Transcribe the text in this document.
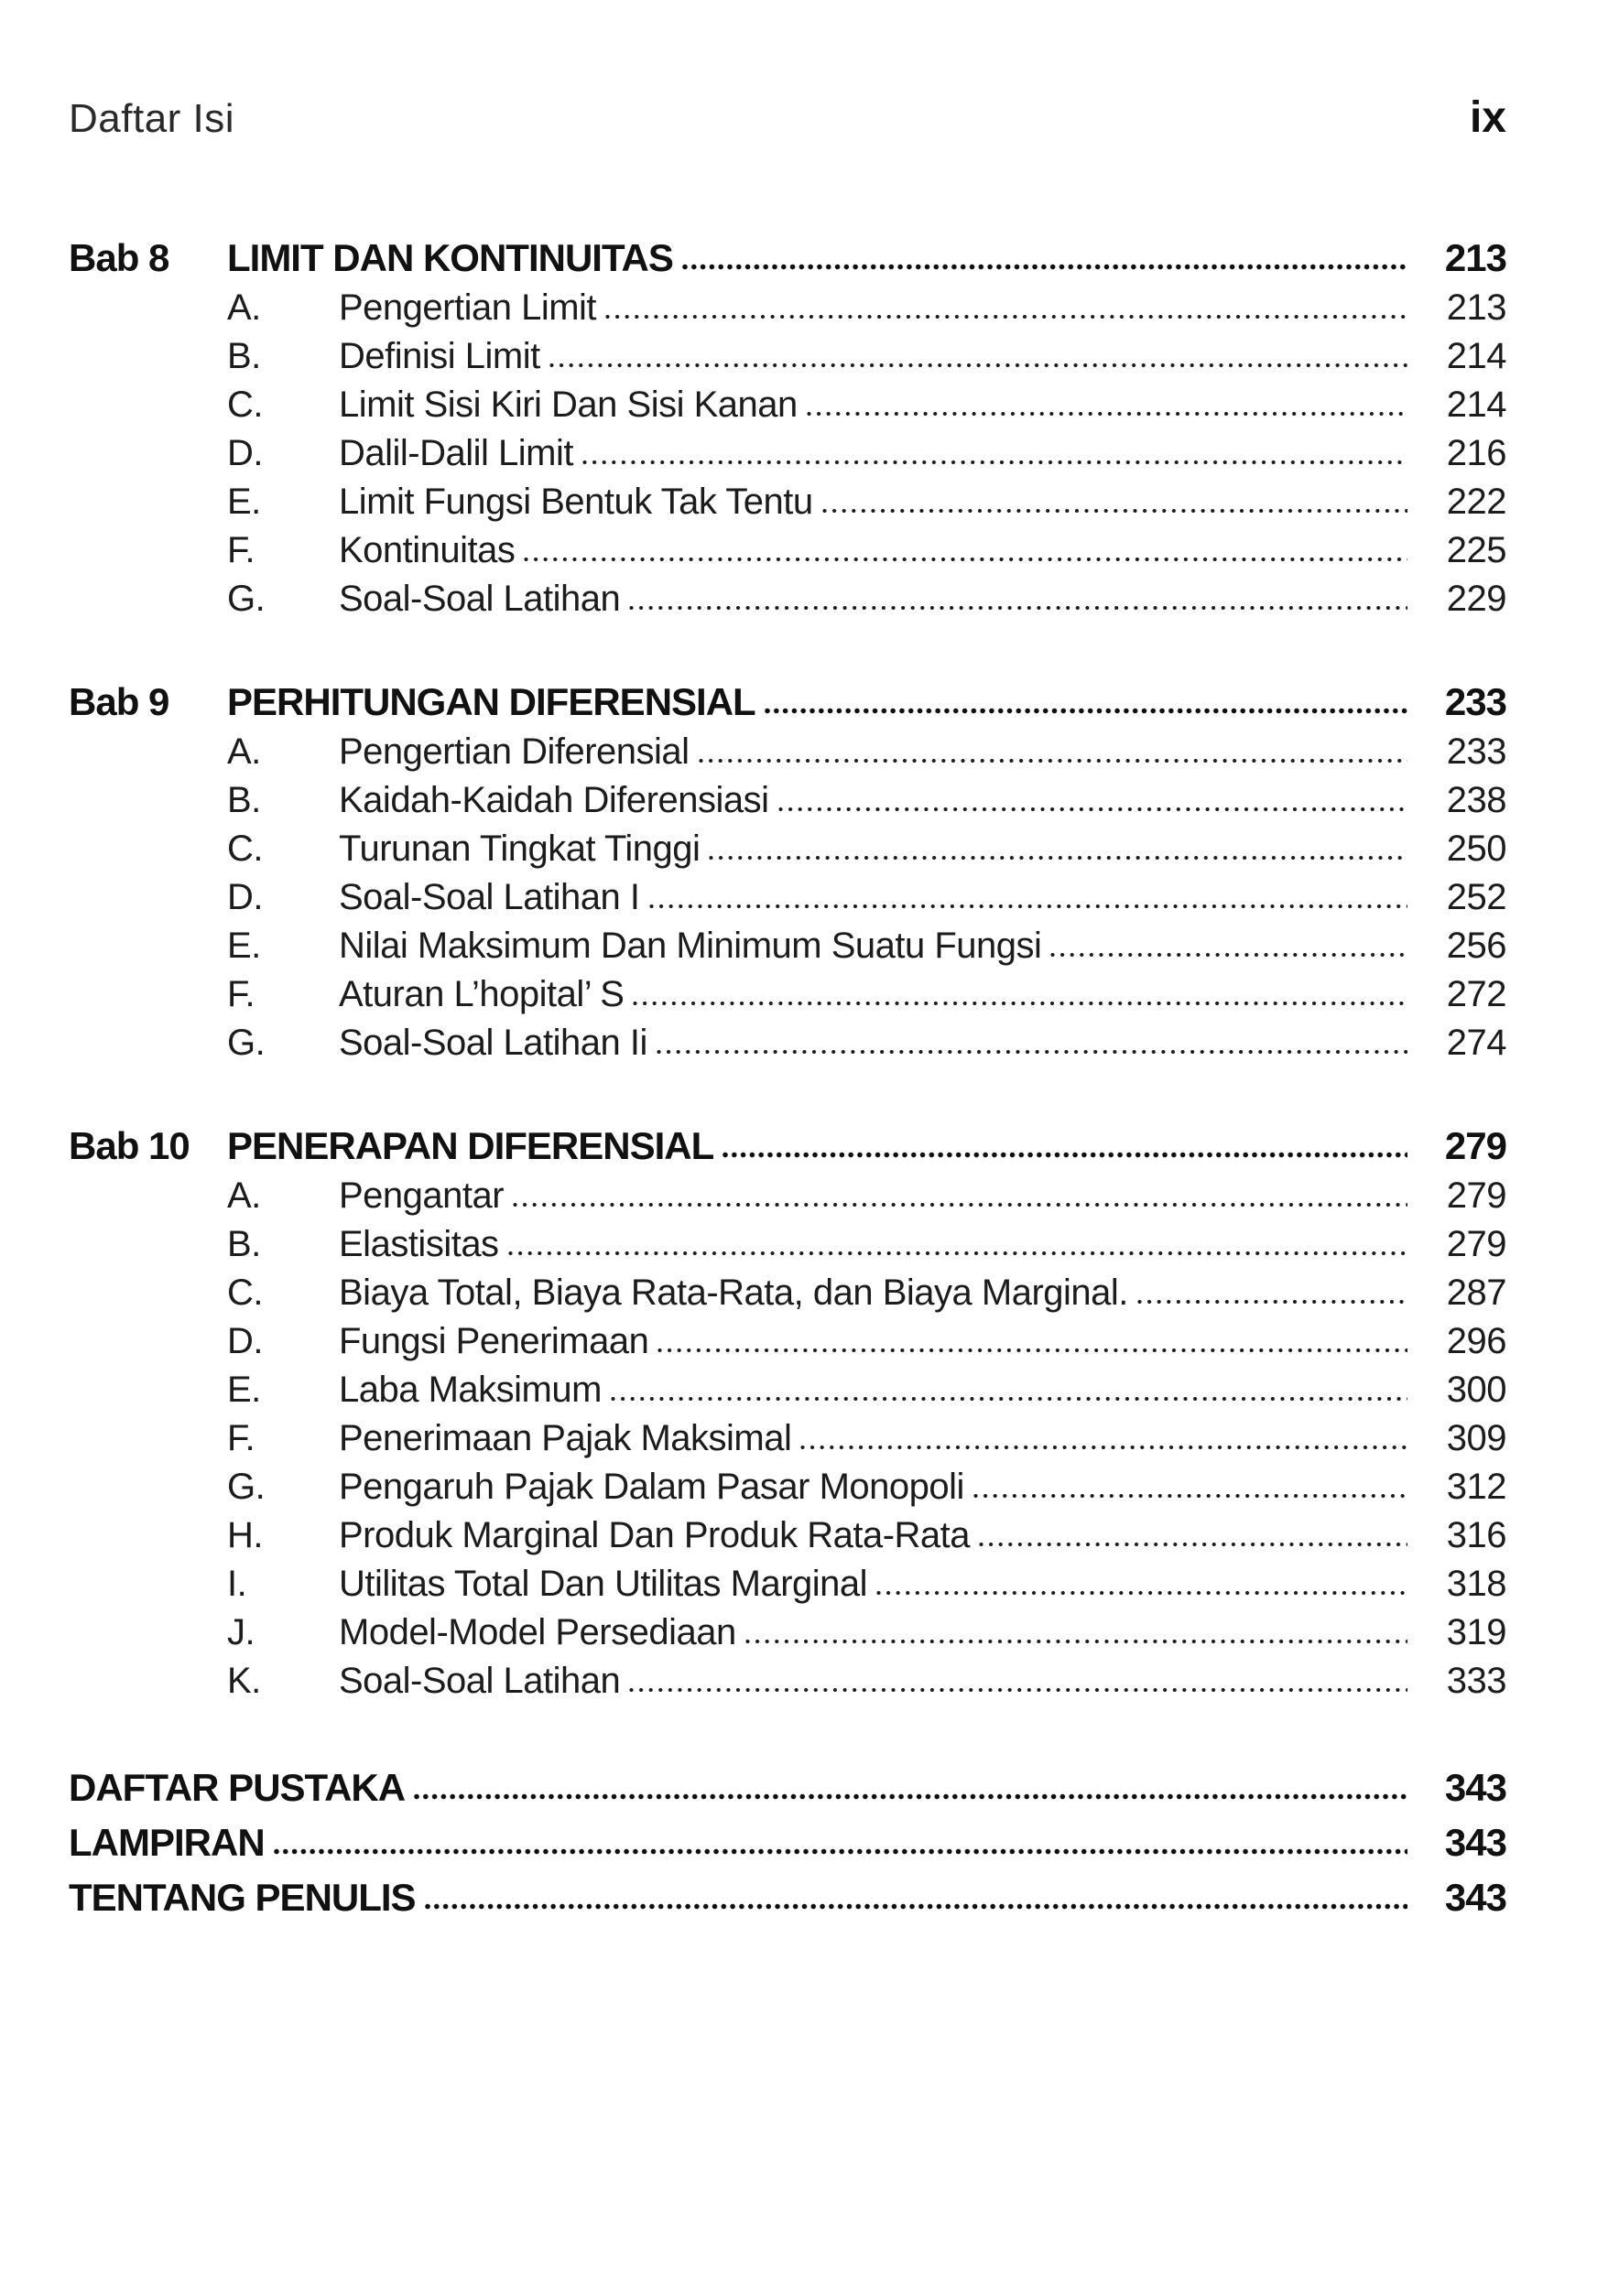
Daftar Isi	ix
Bab 8	LIMIT DAN KONTINUITAS	213
A.	Pengertian Limit	213
B.	Definisi Limit	214
C.	Limit Sisi Kiri Dan Sisi Kanan	214
D.	Dalil-Dalil Limit	216
E.	Limit Fungsi Bentuk Tak Tentu	222
F.	Kontinuitas	225
G.	Soal-Soal Latihan	229
Bab 9	PERHITUNGAN DIFERENSIAL	233
A.	Pengertian Diferensial	233
B.	Kaidah-Kaidah Diferensiasi	238
C.	Turunan Tingkat Tinggi	250
D.	Soal-Soal Latihan I	252
E.	Nilai Maksimum Dan Minimum Suatu Fungsi	256
F.	Aturan L’hopital’ S	272
G.	Soal-Soal Latihan Ii	274
Bab 10 PENERAPAN DIFERENSIAL	279
A.	Pengantar	279
B.	Elastisitas	279
C.	Biaya Total, Biaya Rata-Rata, dan Biaya Marginal.	287
D.	Fungsi Penerimaan	296
E.	Laba Maksimum	300
F.	Penerimaan Pajak Maksimal	309
G.	Pengaruh Pajak Dalam Pasar Monopoli	312
H.	Produk Marginal Dan Produk Rata-Rata	316
I.	Utilitas Total Dan Utilitas Marginal	318
J.	Model-Model Persediaan	319
K.	Soal-Soal Latihan	333
DAFTAR PUSTAKA	343
LAMPIRAN	343
TENTANG PENULIS	343
